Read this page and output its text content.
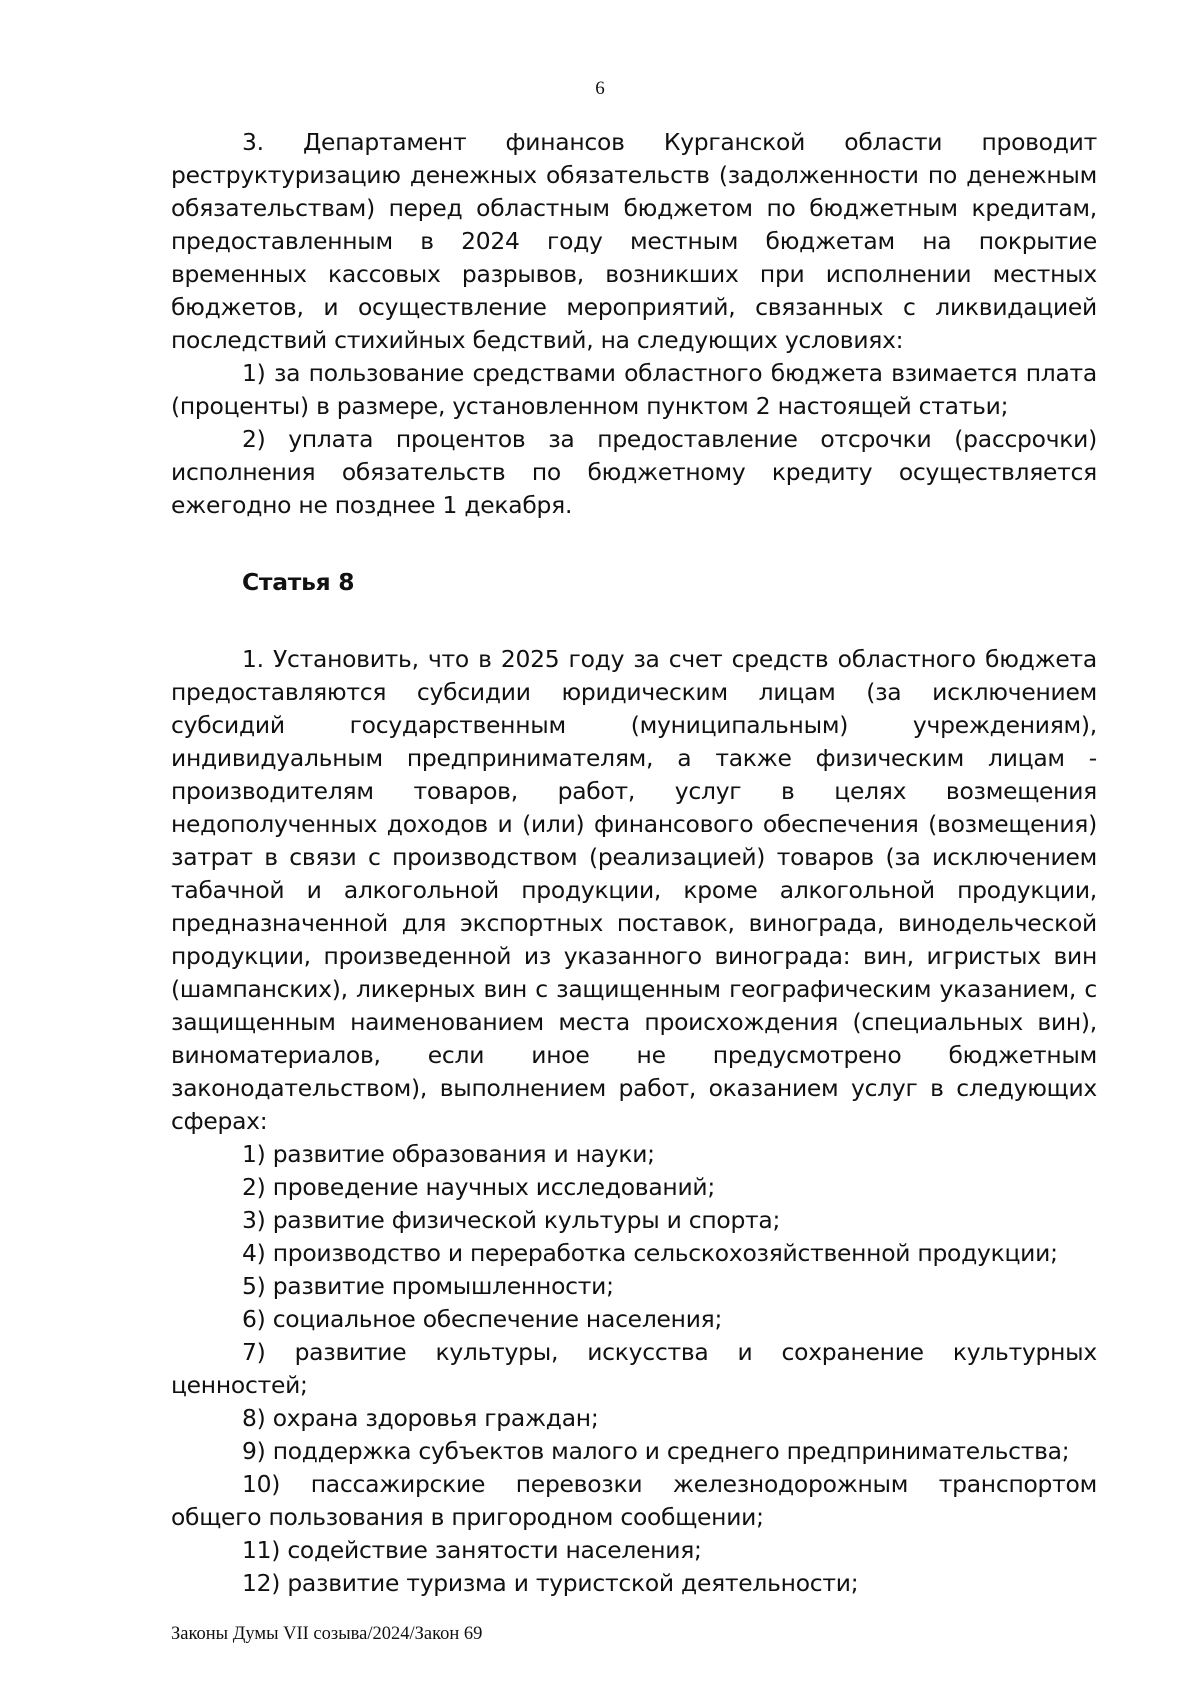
6

3. Департамент финансов Курганской области проводит реструктуризацию денежных обязательств (задолженности по денежным обязательствам) перед областным бюджетом по бюджетным кредитам, предоставленным в 2024 году местным бюджетам на покрытие временных кассовых разрывов, возникших при исполнении местных бюджетов, и осуществление мероприятий, связанных с ликвидацией последствий стихийных бедствий, на следующих условиях:

1) за пользование средствами областного бюджета взимается плата (проценты) в размере, установленном пунктом 2 настоящей статьи;

2) уплата процентов за предоставление отсрочки (рассрочки) исполнения обязательств по бюджетному кредиту осуществляется ежегодно не позднее 1 декабря.

Статья 8

1. Установить, что в 2025 году за счет средств областного бюджета предоставляются субсидии юридическим лицам (за исключением субсидий государственным (муниципальным) учреждениям), индивидуальным предпринимателям, а также физическим лицам - производителям товаров, работ, услуг в целях возмещения недополученных доходов и (или) финансового обеспечения (возмещения) затрат в связи с производством (реализацией) товаров (за исключением табачной и алкогольной продукции, кроме алкогольной продукции, предназначенной для экспортных поставок, винограда, винодельческой продукции, произведенной из указанного винограда: вин, игристых вин (шампанских), ликерных вин с защищенным географическим указанием, с защищенным наименованием места происхождения (специальных вин), виноматериалов, если иное не предусмотрено бюджетным законодательством), выполнением работ, оказанием услуг в следующих сферах:

1) развитие образования и науки;

2) проведение научных исследований;

3) развитие физической культуры и спорта;

4) производство и переработка сельскохозяйственной продукции;

5) развитие промышленности;

6) социальное обеспечение населения;

7) развитие культуры, искусства и сохранение культурных ценностей;

8) охрана здоровья граждан;

9) поддержка субъектов малого и среднего предпринимательства;

10) пассажирские перевозки железнодорожным транспортом общего пользования в пригородном сообщении;

11) содействие занятости населения;

12) развитие туризма и туристской деятельности;

Законы Думы VII созыва/2024/Закон 69
